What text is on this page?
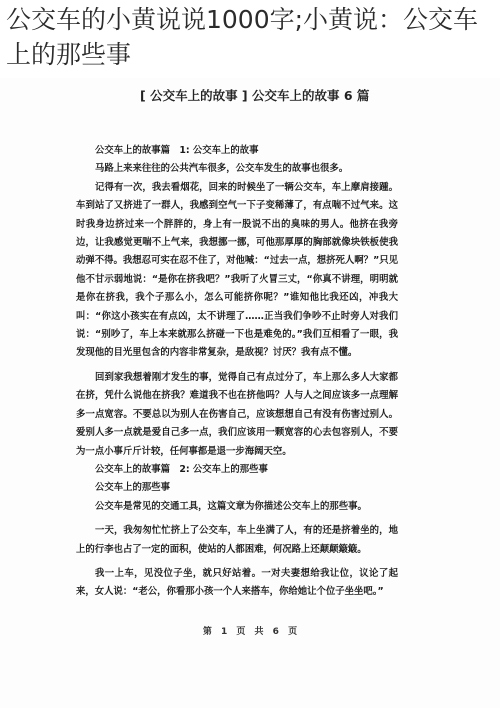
公交车的小黄说说1000字;小黄说：公交车上的那些事
[ 公交车上的故事 ] 公交车上的故事 6 篇

公交车上的故事篇　1: 公交车上的故事

马路上来来往往的公共汽车很多，公交车发生的故事也很多。

记得有一次，我去看烟花，回来的时候坐了一辆公交车，车上摩肩接踵。车到站了又挤进了一群人，我感到空气一下子变稀薄了，有点喘不过气来。这时我身边挤过来一个胖胖的，身上有一股说不出的臭味的男人。他挤在我旁边，让我感觉更喘不上气来，我想挪一挪，可他那厚厚的胸部就像块铁板使我动弹不得。我想忍可实在忍不住了，对他喊：“过去一点，想挤死人啊？”只见他不甘示弱地说：“是你在挤我吧？”我听了火冒三丈，“你真不讲理，明明就是你在挤我，我个子那么小，怎么可能挤你呢？”谁知他比我还凶，冲我大叫：“你这小孩实在有点凶，太不讲理了……正当我们争吵不止时旁人对我们说：“别吵了，车上本来就那么挤碰一下也是难免的。”我们互相看了一眼，我发现他的目光里包含的内容非常复杂，是敌视？讨厌？我有点不懂。

回到家我想着刚才发生的事，觉得自己有点过分了，车上那么多人大家都在挤，凭什么说他在挤我？难道我不也在挤他吗？人与人之间应该多一点理解多一点宽容。不要总以为别人在伤害自己，应该想想自己有没有伤害过别人。爱别人多一点就是爱自己多一点，我们应该用一颗宽容的心去包容别人，不要为一点小事斤斤计较，任何事都是退一步海阔天空。

公交车上的故事篇　2: 公交车上的那些事

公交车上的那些事

公交车是常见的交通工具，这篇文章为你描述公交车上的那些事。

一天，我匆匆忙忙挤上了公交车，车上坐满了人，有的还是挤着坐的，地上的行李也占了一定的面积，使站的人都困难，何况路上还颠颠簸簸。

我一上车，见没位子坐，就只好站着。一对夫妻想给我让位，议论了起来，女人说：“老公，你看那小孩一个人来搭车，你给她让个位子坐坐吧。”

第 1 页 共 6 页
